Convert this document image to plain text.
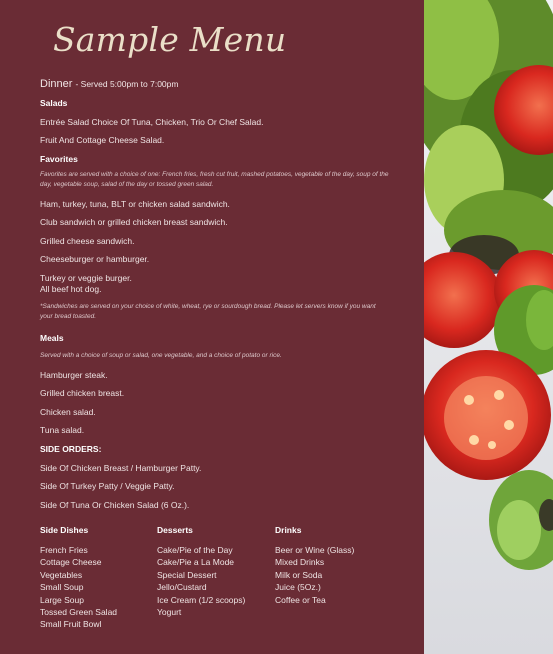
Sample Menu

Dinner - Served 5:00pm to 7:00pm

Salads

Entrée Salad Choice Of Tuna, Chicken, Trio Or Chef Salad.

Fruit And Cottage Cheese Salad.

Favorites

Favorites are served with a choice of one: French fries, fresh cut fruit, mashed potatoes, vegetable of the day, soup of the day, vegetable soup, salad of the day or tossed green salad.

Ham, turkey, tuna, BLT or chicken salad sandwich.

Club sandwich or grilled chicken breast sandwich.

Grilled cheese sandwich.

Cheeseburger or hamburger.

Turkey or veggie burger.

All beef hot dog.

*Sandwiches are served on your choice of white, wheat, rye or sourdough bread. Please let servers know if you want your bread toasted.

Meals

Served with a choice of soup or salad, one vegetable, and a choice of potato or rice.

Hamburger steak.

Grilled chicken breast.

Chicken salad.

Tuna salad.

SIDE ORDERS:

Side Of Chicken Breast / Hamburger Patty.

Side Of Turkey Patty / Veggie Patty.

Side Of Tuna Or Chicken Salad (6 Oz.).

Side Dishes

French Fries
Cottage Cheese
Vegetables
Small Soup
Large Soup
Tossed Green Salad
Small Fruit Bowl

Desserts

Cake/Pie of the Day
Cake/Pie a La Mode
Special Dessert
Jello/Custard
Ice Cream (1/2 scoops)
Yogurt

Drinks

Beer or Wine (Glass)
Mixed Drinks
Milk or Soda
Juice (5Oz.)
Coffee or Tea
